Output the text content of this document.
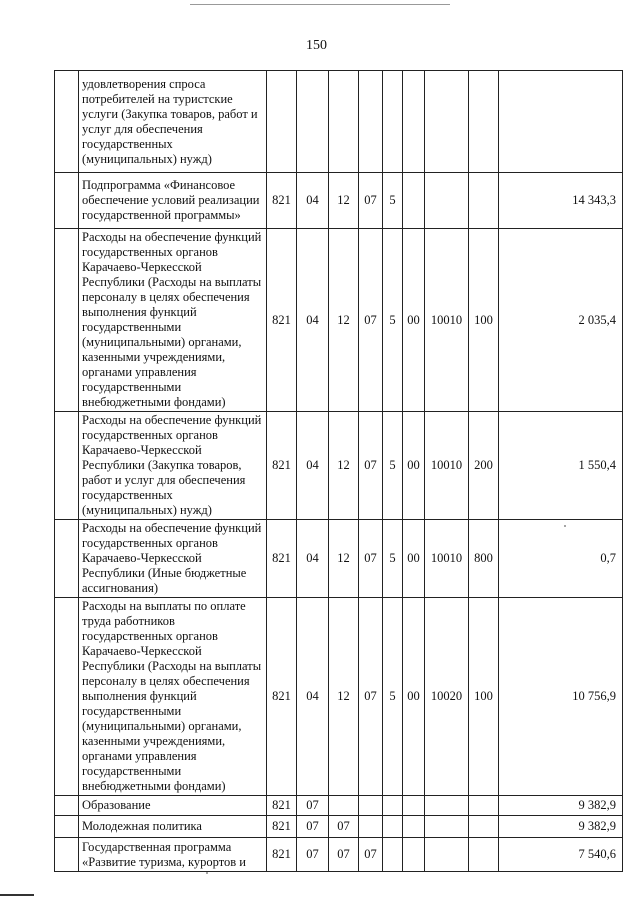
150
	удовлетворения спроса потребителей на туристские услуги (Закупка товаров, работ и услуг для обеспечения государственных (муниципальных) нужд)									
	Подпрограмма «Финансовое обеспечение условий реализации государственной программы»	821	04	12	07	5				14 343,3
	Расходы на обеспечение функций государственных органов Карачаево-Черкесской Республики (Расходы на выплаты персоналу в целях обеспечения выполнения функций государственными (муниципальными) органами, казенными учреждениями, органами управления государственными внебюджетными фондами)	821	04	12	07	5	00	10010	100	2 035,4
	Расходы на обеспечение функций государственных органов Карачаево-Черкесской Республики (Закупка товаров, работ и услуг для обеспечения государственных (муниципальных) нужд)	821	04	12	07	5	00	10010	200	1 550,4
	Расходы на обеспечение функций государственных органов Карачаево-Черкесской Республики (Иные бюджетные ассигнования)	821	04	12	07	5	00	10010	800	0,7
	Расходы на выплаты по оплате труда работников государственных органов Карачаево-Черкесской Республики (Расходы на выплаты персоналу в целях обеспечения выполнения функций государственными (муниципальными) органами, казенными учреждениями, органами управления государственными внебюджетными фондами)	821	04	12	07	5	00	10020	100	10 756,9
	Образование	821	07							9 382,9
	Молодежная политика	821	07	07						9 382,9
	Государственная программа «Развитие туризма, курортов и	821	07	07	07					7 540,6
